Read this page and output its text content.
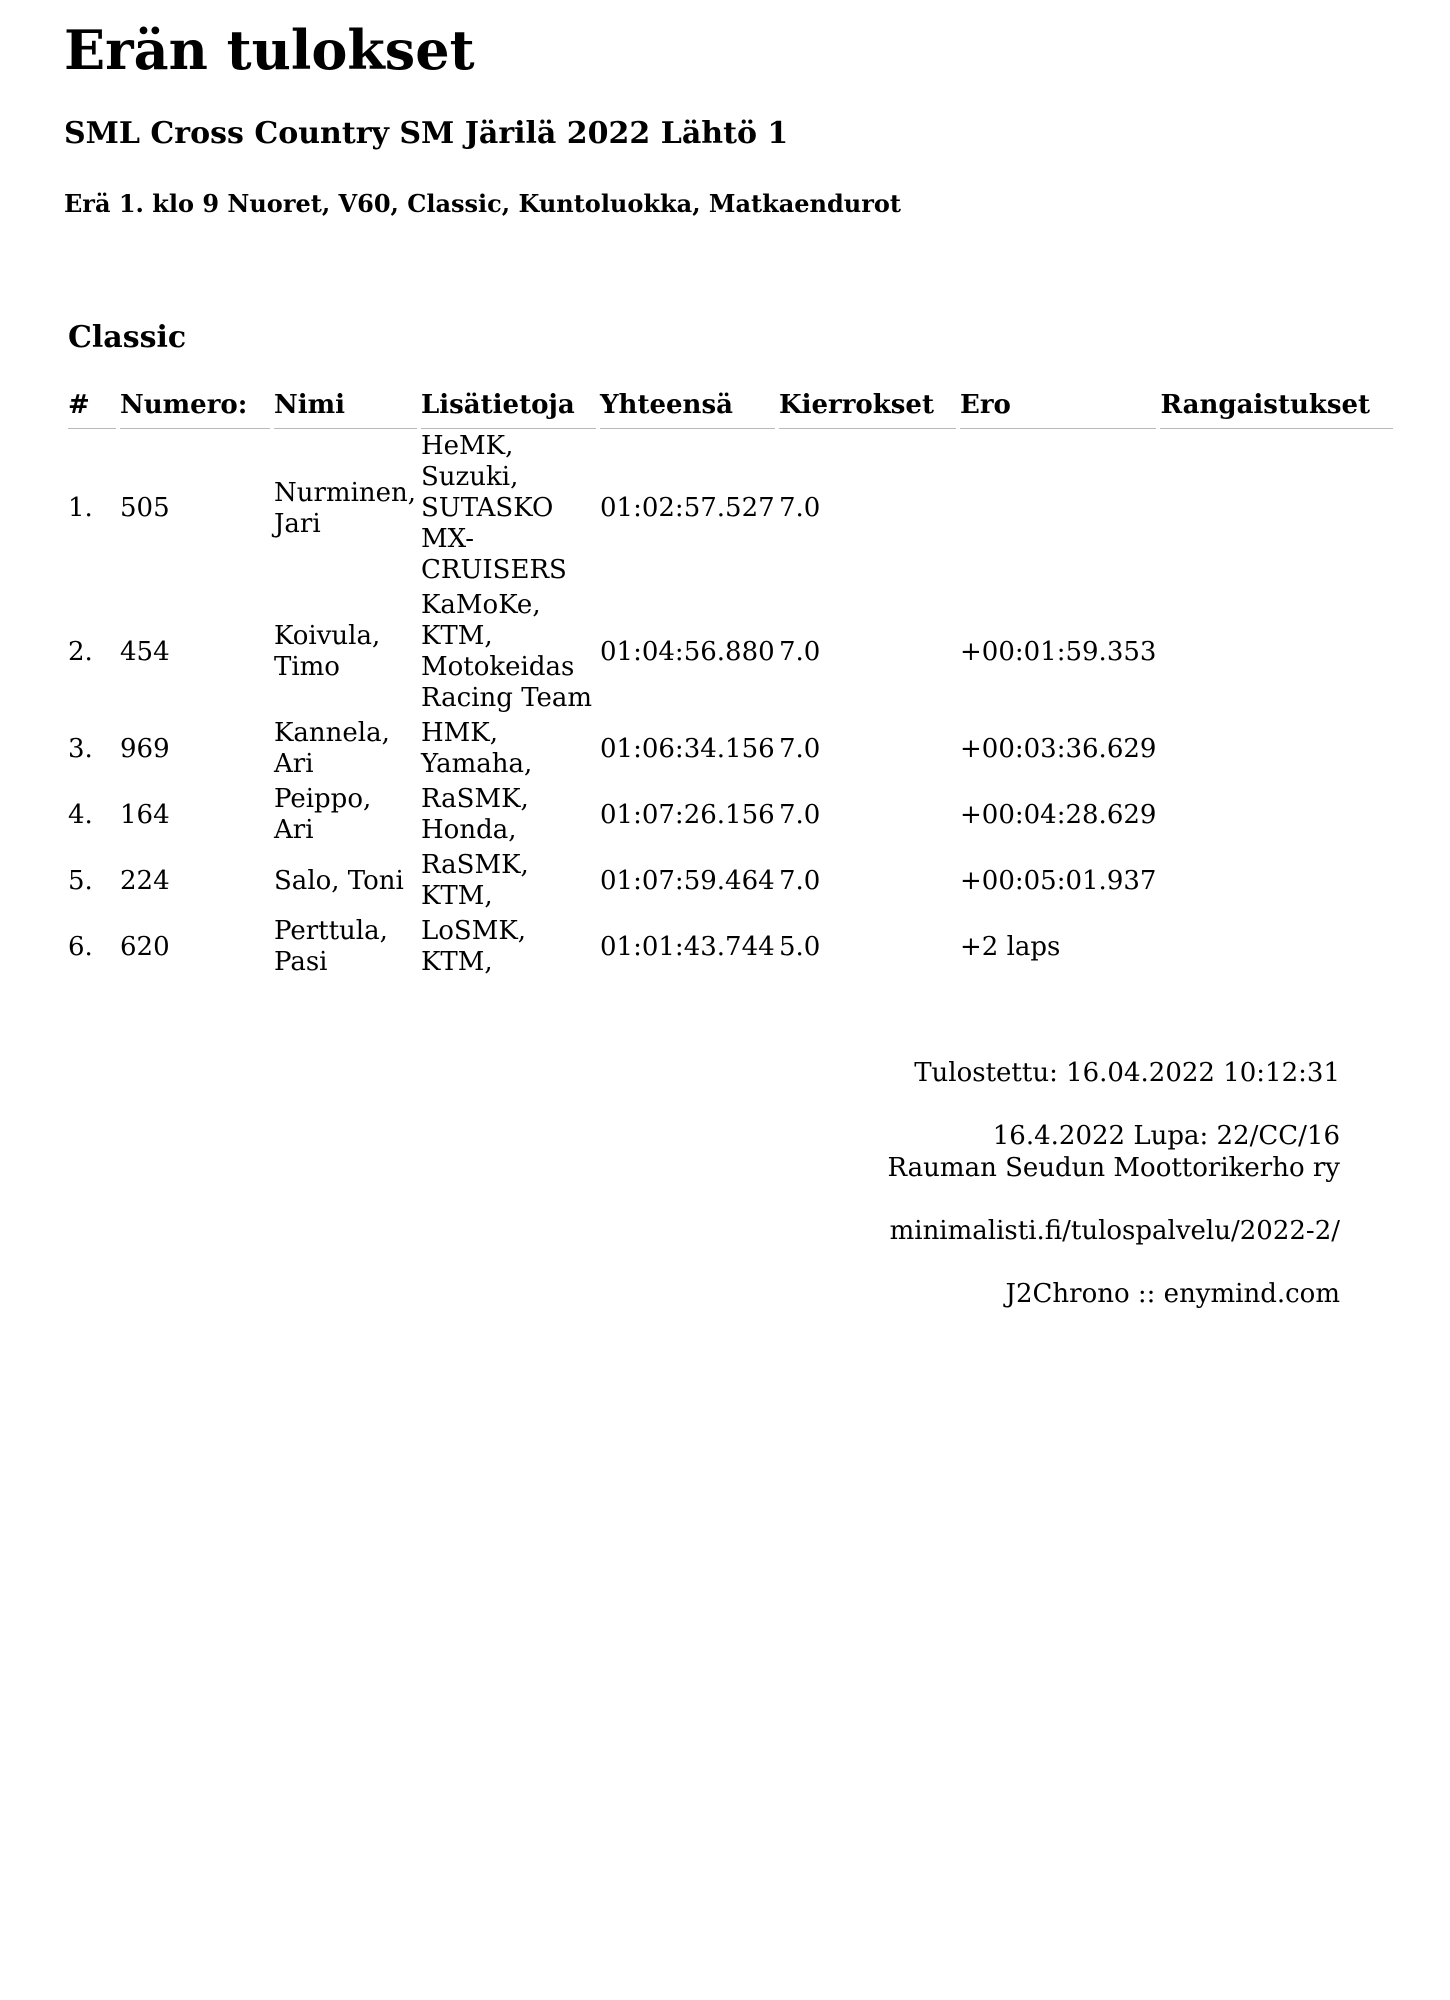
Erän tulokset
SML Cross Country SM Järilä 2022 Lähtö 1
Erä 1. klo 9 Nuoret, V60, Classic, Kuntoluokka, Matkaendurot
Classic
#	Numero:	Nimi	Lisätietoja	Yhteensä	Kierrokset	Ero	Rangaistukset
1.	505	Nurminen, Jari	HeMK, Suzuki, SUTASKO MX-CRUISERS	01:02:57.527	7.0		
2.	454	Koivula, Timo	KaMoKe, KTM, Motokeidas Racing Team	01:04:56.880	7.0	+00:01:59.353	
3.	969	Kannela, Ari	HMK, Yamaha,	01:06:34.156	7.0	+00:03:36.629	
4.	164	Peippo, Ari	RaSMK, Honda,	01:07:26.156	7.0	+00:04:28.629	
5.	224	Salo, Toni	RaSMK, KTM,	01:07:59.464	7.0	+00:05:01.937	
6.	620	Perttula, Pasi	LoSMK, KTM,	01:01:43.744	5.0	+2 laps	
Tulostettu: 16.04.2022 10:12:31
16.4.2022 Lupa: 22/CC/16
Rauman Seudun Moottorikerho ry
minimalisti.fi/tulospalvelu/2022-2/
J2Chrono :: enymind.com
